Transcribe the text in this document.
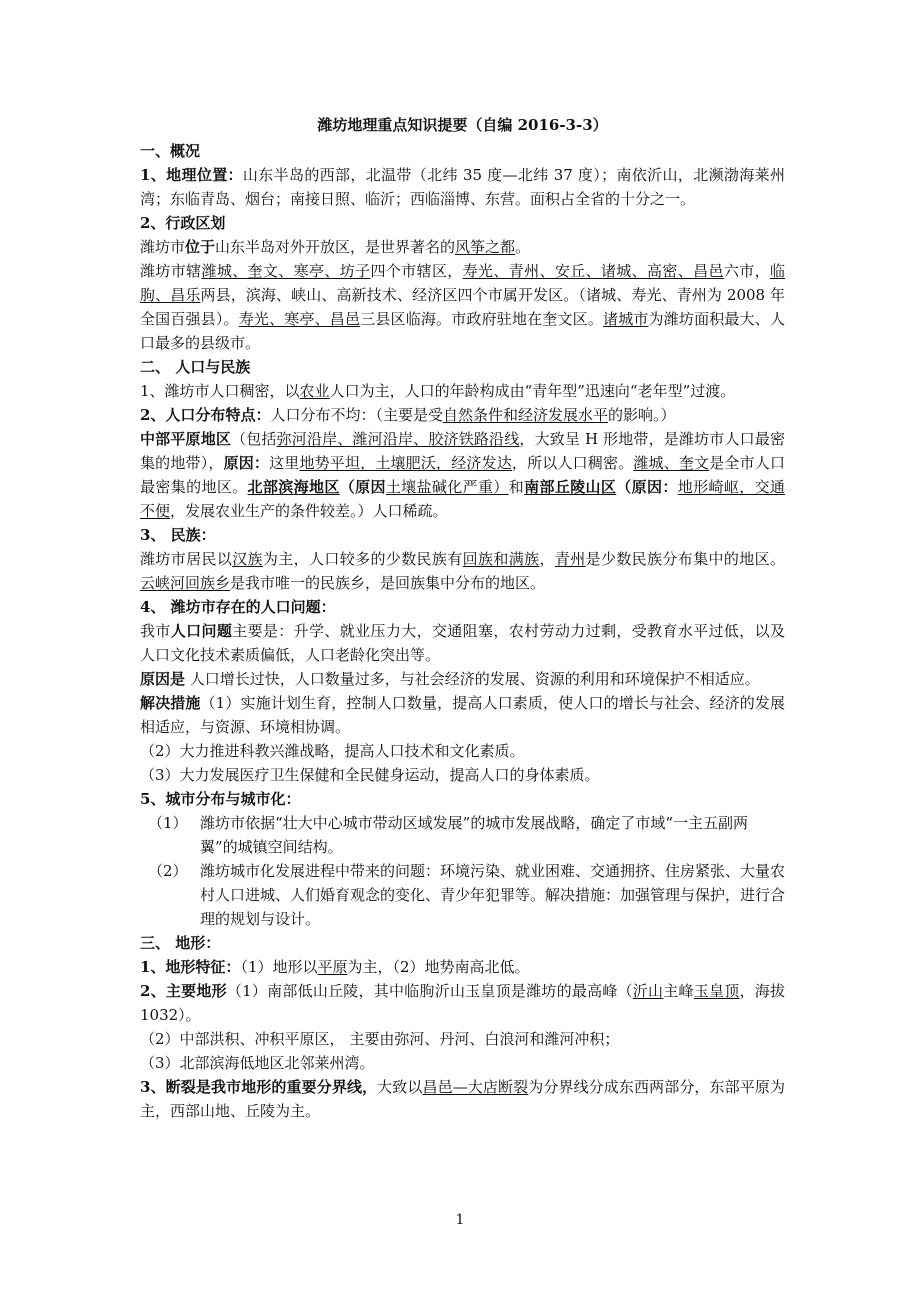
潍坊地理重点知识提要（自编 2016-3-3）

一、概况

1、地理位置：山东半岛的西部，北温带（北纬 35 度—北纬 37 度）；南依沂山，北濒渤海莱州湾；东临青岛、烟台；南接日照、临沂；西临淄博、东营。面积占全省的十分之一。

2、行政区划

潍坊市位于山东半岛对外开放区，是世界著名的风筝之都。

潍坊市辖潍城、奎文、寒亭、坊子四个市辖区，寿光、青州、安丘、诸城、高密、昌邑六市，临朐、昌乐两县，滨海、峡山、高新技术、经济区四个市属开发区。（诸城、寿光、青州为 2008 年全国百强县）。寿光、寒亭、昌邑三县区临海。市政府驻地在奎文区。诸城市为潍坊面积最大、人口最多的县级市。

二、 人口与民族

1、潍坊市人口稠密，以农业人口为主，人口的年龄构成由“青年型”迅速向“老年型”过渡。

2、人口分布特点：人口分布不均：（主要是受自然条件和经济发展水平的影响。）

中部平原地区（包括弥河沿岸、潍河沿岸、胶济铁路沿线，大致呈 H 形地带，是潍坊市人口最密集的地带），原因：这里地势平坦，土壤肥沃，经济发达，所以人口稠密。潍城、奎文是全市人口最密集的地区。北部滨海地区（原因土壤盐碱化严重）和南部丘陵山区（原因：地形崎岖，交通不便，发展农业生产的条件较差。）人口稀疏。

3、 民族：

潍坊市居民以汉族为主，人口较多的少数民族有回族和满族，青州是少数民族分布集中的地区。云峡河回族乡是我市唯一的民族乡，是回族集中分布的地区。

4、 潍坊市存在的人口问题：

我市人口问题主要是：升学、就业压力大，交通阻塞，农村劳动力过剩，受教育水平过低，以及人口文化技术素质偏低，人口老龄化突出等。

原因是 人口增长过快，人口数量过多，与社会经济的发展、资源的利用和环境保护不相适应。

解决措施（1）实施计划生育，控制人口数量，提高人口素质，使人口的增长与社会、经济的发展相适应，与资源、环境相协调。

（2）大力推进科教兴潍战略，提高人口技术和文化素质。

（3）大力发展医疗卫生保健和全民健身运动，提高人口的身体素质。

5、城市分布与城市化：

（1） 潍坊市依据“壮大中心城市带动区域发展”的城市发展战略，确定了市域“一主五副两翼”的城镇空间结构。
（2） 潍坊城市化发展进程中带来的问题：环境污染、就业困难、交通拥挤、住房紧张、大量农村人口进城、人们婚育观念的变化、青少年犯罪等。解决措施：加强管理与保护，进行合理的规划与设计。

三、 地形：

1、地形特征：（1）地形以平原为主，（2）地势南高北低。

2、主要地形（1）南部低山丘陵，其中临朐沂山玉皇顶是潍坊的最高峰（沂山主峰玉皇顶，海拔 1032）。

（2）中部洪积、冲积平原区， 主要由弥河、丹河、白浪河和潍河冲积；

（3）北部滨海低地区北邻莱州湾。

3、断裂是我市地形的重要分界线，大致以昌邑—大店断裂为分界线分成东西两部分，东部平原为主，西部山地、丘陵为主。

1
